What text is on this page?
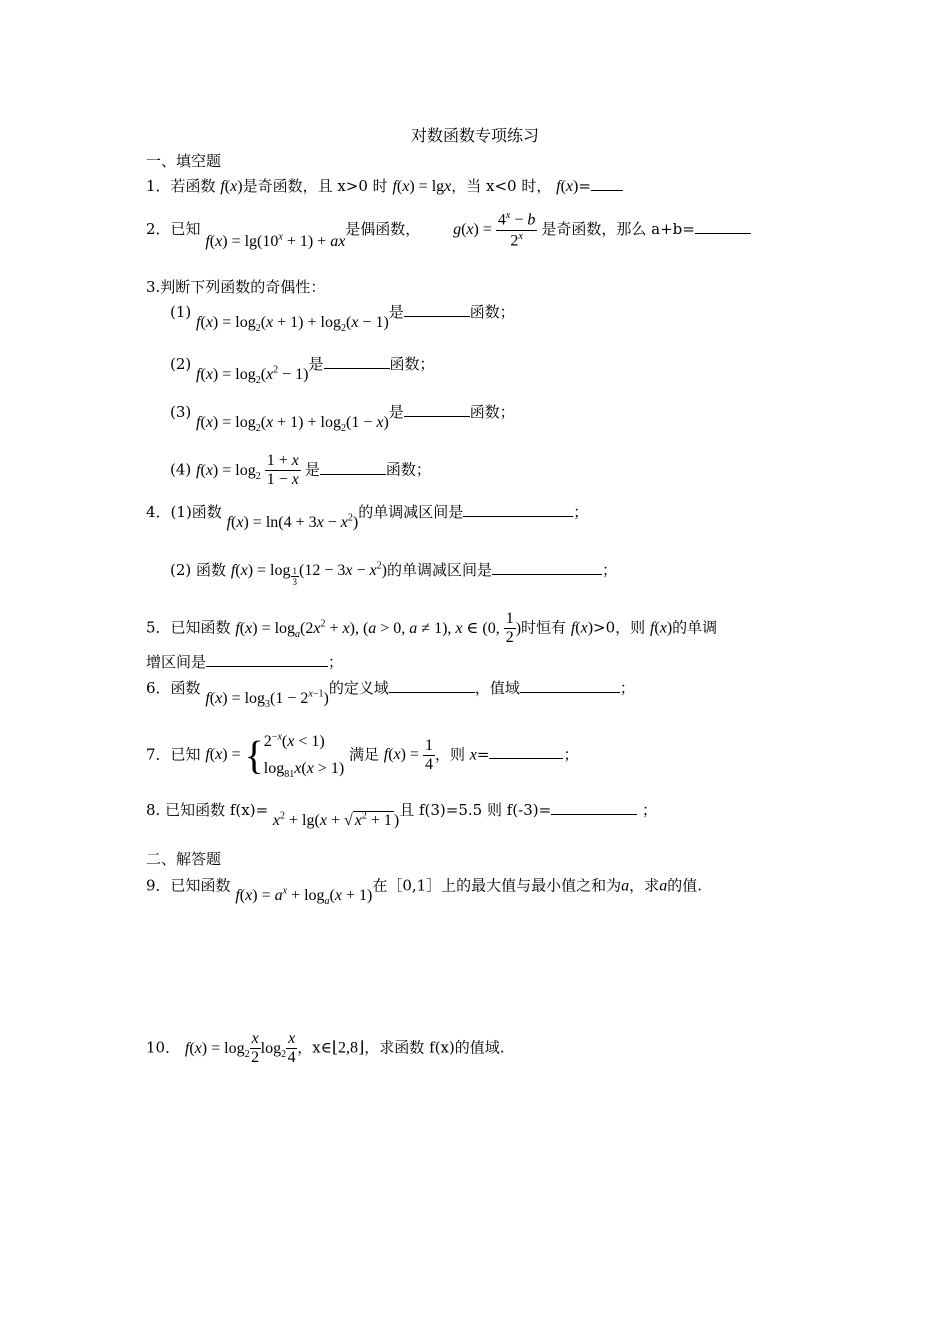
对数函数专项练习
一、填空题
1．若函数 f(x)是奇函数，且 x>0 时 f(x) = lgx，当 x<0 时， f(x)=
2．已知 $f(x) = \lg(10^x + 1)$ + ax是偶函数， $g(x) = \frac{4^x - b}{2^x}$ 是奇函数，那么 a+b=
3.判断下列函数的奇偶性：
(1) $f(x) = \log_2(x + 1) + \log_2(x - 1)$是	函数；
(2) $f(x) = \log_2(x^2 - 1)$是	函数；
(3) $f(x) = \log_2(x + 1) + \log_2(1 - x)$是	函数；
(4) $f(x) = \log_2 \frac{1 + x}{1 - x}$ 是	函数；
4．(1)函数 $f(x) = \ln(4 + 3x - x^2)$的单调减区间是	；
(2) 函数 f(x) = log $_{\frac{1}{3}}$ $(12 - 3x - x^2)$的单调减区间是	；
5．已知函数 $f(x) = \log_a(2x^2 + x)$, (a > 0, a ≠ 1), x ∈ (0, $\frac{1}{2}$ )时恒有 f(x)>0，则 f(x)的单调
增区间是	；
6．函数 $f(x) = \log_3(1 - 2^{x-1})$的定义域	，值域	；
7．已知 f(x) = { $2^{-x}(x < 1)$
$\log_{81}x(x > 1)$
满足 $f(x) = \frac{1}{4}$ ，则 x=	；
8. 已知函数 $f(x)= x^2 + \lg(x$ + √ $x^2 + 1$ )且 f(3)=5.5 则 f(-3)=	；
二、解答题
9．已知函数 $f(x) = a^x + \log_a(x + 1)$在［0,1］上的最大值与最小值之和为a，求a的值.
10． $f(x) = \log_2 \frac{x}{2} \log_2 \frac{x}{4}$ ，x∈⌊2,8⌋，求函数 f(x)的值域.
